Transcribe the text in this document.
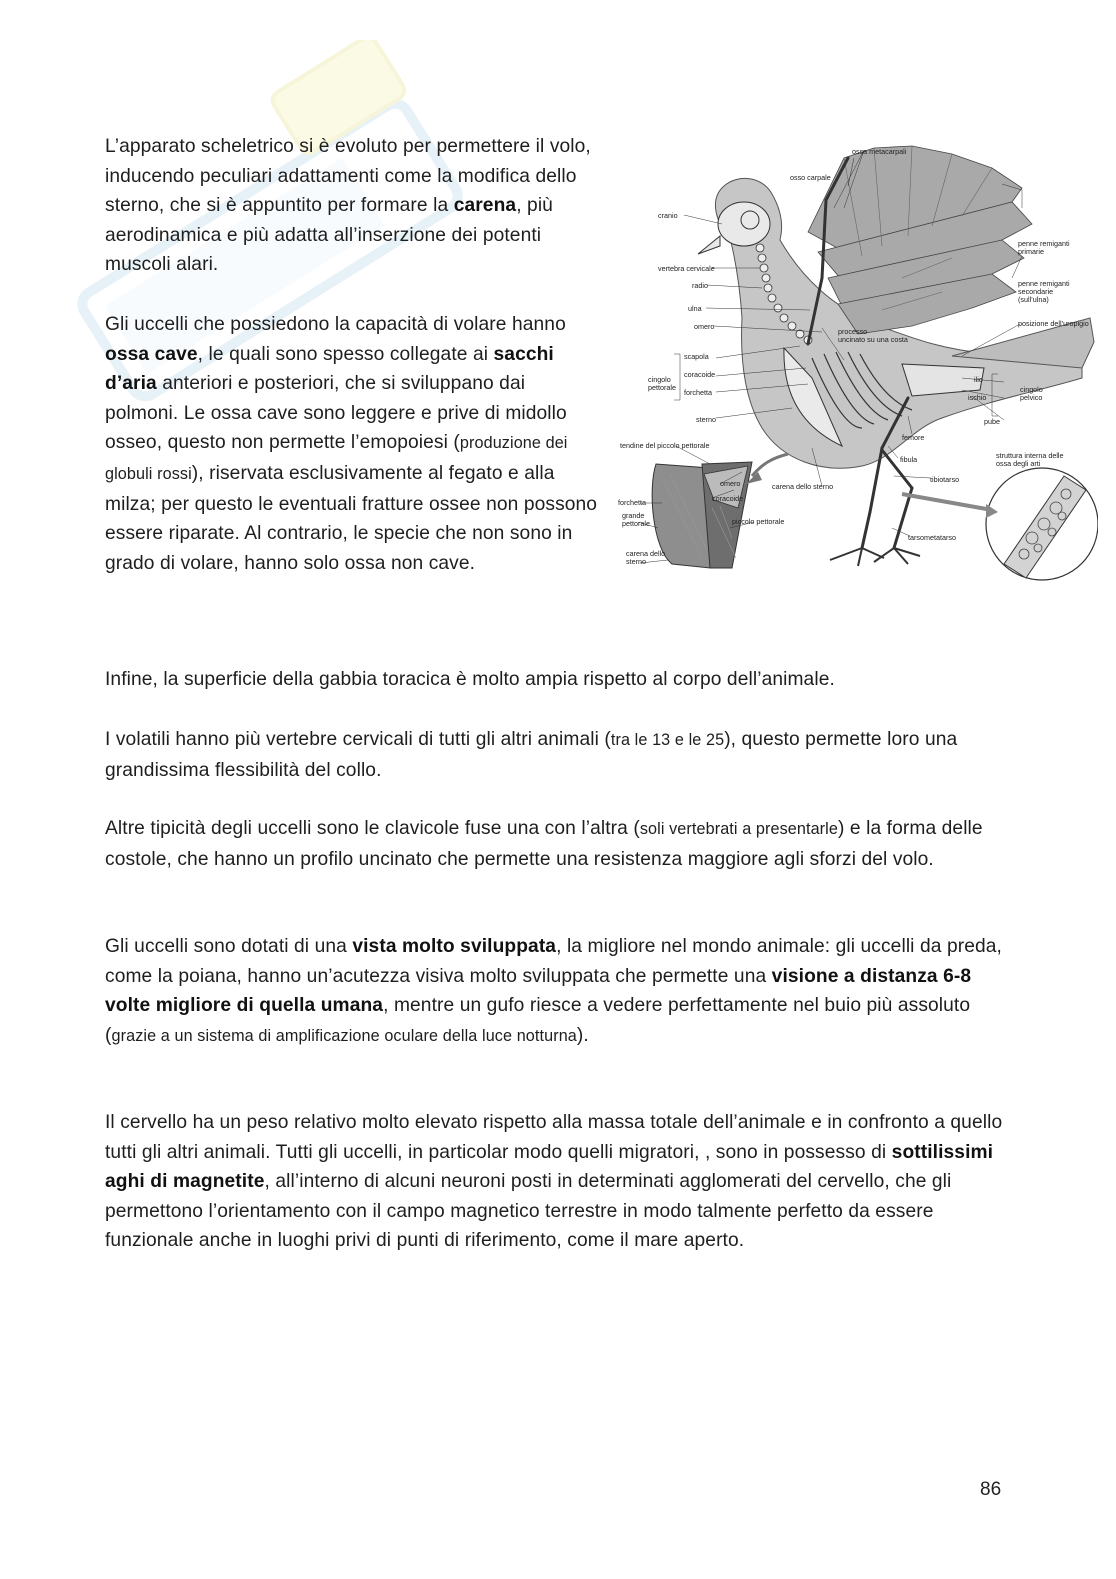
L’apparato scheletrico si è evoluto per permettere il volo, inducendo peculiari adattamenti come la modifica dello sterno, che si è appuntito per formare la carena, più aerodinamica e più adatta all’inserzione dei potenti muscoli alari.

Gli uccelli che possiedono la capacità di volare hanno ossa cave, le quali sono spesso collegate ai sacchi d’aria anteriori e posteriori, che si sviluppano dai polmoni. Le ossa cave sono leggere e prive di midollo osseo, questo non permette l’emopoiesi (produzione dei globuli rossi), riservata esclusivamente al fegato e alla milza; per questo le eventuali fratture ossee non possono essere riparate. Al contrario, le specie che non sono in grado di volare, hanno solo ossa non cave.

ossa metacarpali
osso carpale
cranio
penne remiganti primarie
vertebra cervicale
radio	penne remiganti secondarie (sull’ulna)
ulna
omero	posizione dell’uropigio
processo uncinato su una costa
scapola
coracoide
cingolo pettorale
forchetta
ilio
ischio
cingolo pelvico
sterno	pube
femore
tendine del piccolo pettorale
fibula	struttura interna delle ossa degli arti
omero	carena dello sterno
coracoide
tibiotarso
forchetta
grande pettorale	piccolo pettorale
tarsometatarso
carena dello sterno

Infine, la superficie della gabbia toracica è molto ampia rispetto al corpo dell’animale.

I volatili hanno più vertebre cervicali di tutti gli altri animali (tra le 13 e le 25), questo permette loro una grandissima flessibilità del collo.

Altre tipicità degli uccelli sono le clavicole fuse una con l’altra (soli vertebrati a presentarle) e la forma delle costole, che hanno un profilo uncinato che permette una resistenza maggiore agli sforzi del volo.

Gli uccelli sono dotati di una vista molto sviluppata, la migliore nel mondo animale: gli uccelli da preda, come la poiana, hanno un’acutezza visiva molto sviluppata che permette una visione a distanza 6-8 volte migliore di quella umana, mentre un gufo riesce a vedere perfettamente nel buio più assoluto (grazie a un sistema di amplificazione oculare della luce notturna).

Il cervello ha un peso relativo molto elevato rispetto alla massa totale dell’animale e in confronto a quello tutti gli altri animali. Tutti gli uccelli, in particolar modo quelli migratori, , sono in possesso di sottilissimi aghi di magnetite, all’interno di alcuni neuroni posti in determinati agglomerati del cervello, che gli permettono l’orientamento con il campo magnetico terrestre in modo talmente perfetto da essere funzionale anche in luoghi privi di punti di riferimento, come il mare aperto.

86
